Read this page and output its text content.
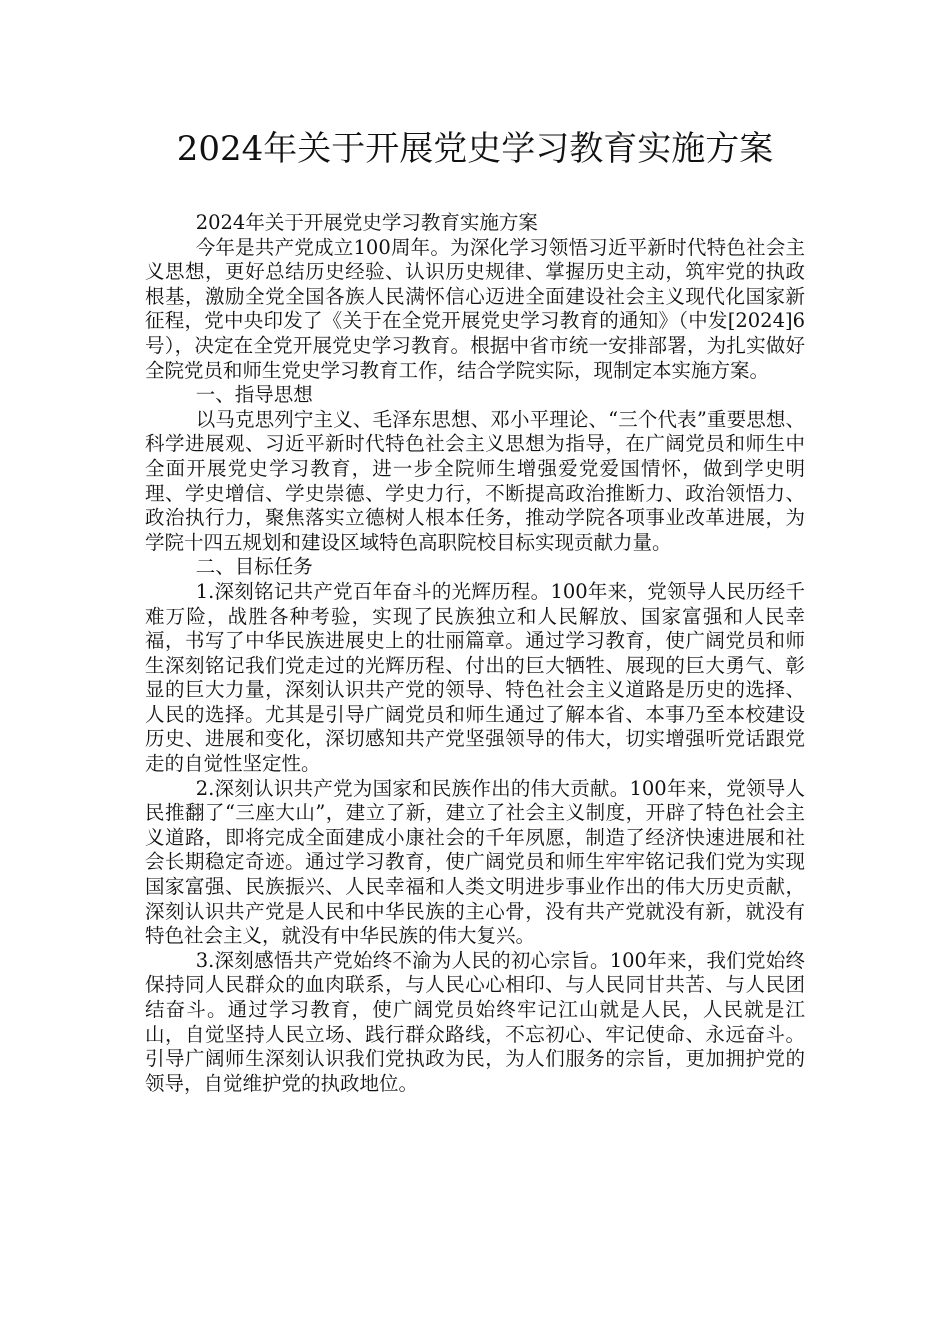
2024年关于开展党史学习教育实施方案

2024年关于开展党史学习教育实施方案

今年是共产党成立100周年。为深化学习领悟习近平新时代特色社会主义思想，更好总结历史经验、认识历史规律、掌握历史主动，筑牢党的执政根基，激励全党全国各族人民满怀信心迈进全面建设社会主义现代化国家新征程，党中央印发了《关于在全党开展党史学习教育的通知》（中发[2024]6号），决定在全党开展党史学习教育。根据中省市统一安排部署，为扎实做好全院党员和师生党史学习教育工作，结合学院实际，现制定本实施方案。

一、指导思想

以马克思列宁主义、毛泽东思想、邓小平理论、“三个代表”重要思想、科学进展观、习近平新时代特色社会主义思想为指导，在广阔党员和师生中全面开展党史学习教育，进一步全院师生增强爱党爱国情怀，做到学史明理、学史增信、学史崇德、学史力行，不断提高政治推断力、政治领悟力、政治执行力，聚焦落实立德树人根本任务，推动学院各项事业改革进展，为学院十四五规划和建设区域特色高职院校目标实现贡献力量。

二、目标任务

1.深刻铭记共产党百年奋斗的光辉历程。100年来，党领导人民历经千难万险，战胜各种考验，实现了民族独立和人民解放、国家富强和人民幸福，书写了中华民族进展史上的壮丽篇章。通过学习教育，使广阔党员和师生深刻铭记我们党走过的光辉历程、付出的巨大牺牲、展现的巨大勇气、彰显的巨大力量，深刻认识共产党的领导、特色社会主义道路是历史的选择、人民的选择。尤其是引导广阔党员和师生通过了解本省、本事乃至本校建设历史、进展和变化，深切感知共产党坚强领导的伟大，切实增强听党话跟党走的自觉性坚定性。

2.深刻认识共产党为国家和民族作出的伟大贡献。100年来，党领导人民推翻了“三座大山”，建立了新，建立了社会主义制度，开辟了特色社会主义道路，即将完成全面建成小康社会的千年夙愿，制造了经济快速进展和社会长期稳定奇迹。通过学习教育，使广阔党员和师生牢牢铭记我们党为实现国家富强、民族振兴、人民幸福和人类文明进步事业作出的伟大历史贡献，深刻认识共产党是人民和中华民族的主心骨，没有共产党就没有新，就没有特色社会主义，就没有中华民族的伟大复兴。

3.深刻感悟共产党始终不渝为人民的初心宗旨。100年来，我们党始终保持同人民群众的血肉联系，与人民心心相印、与人民同甘共苦、与人民团结奋斗。通过学习教育，使广阔党员始终牢记江山就是人民，人民就是江山，自觉坚持人民立场、践行群众路线，不忘初心、牢记使命、永远奋斗。引导广阔师生深刻认识我们党执政为民，为人们服务的宗旨，更加拥护党的领导，自觉维护党的执政地位。
